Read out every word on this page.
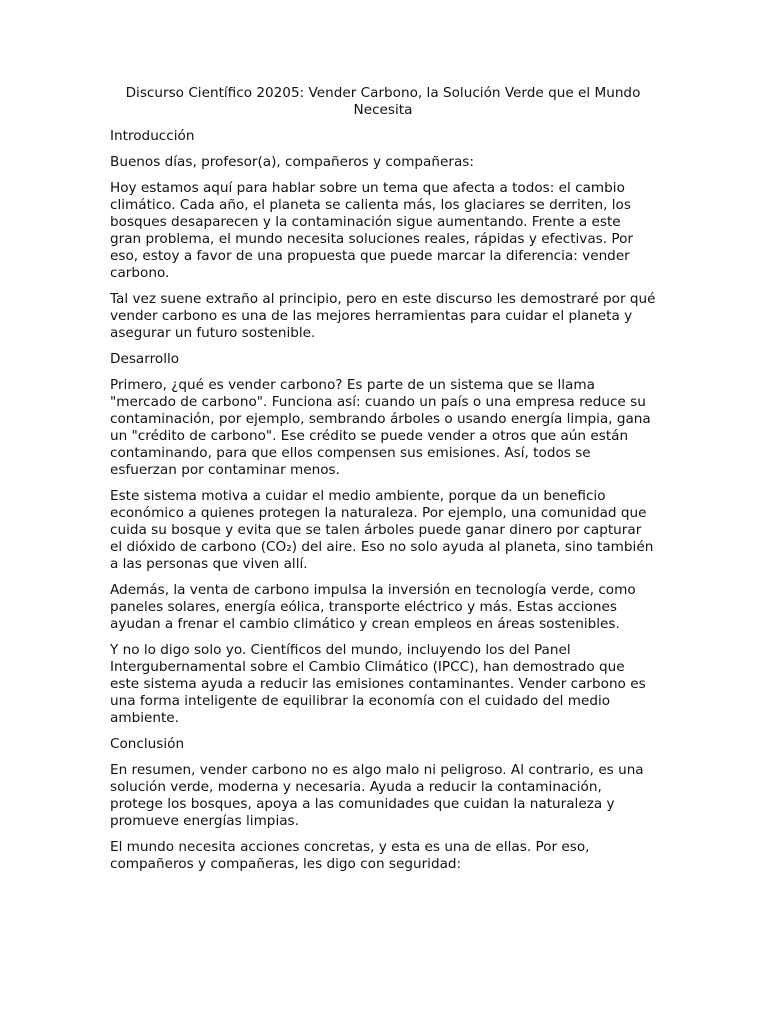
Discurso Científico 20205: Vender Carbono, la Solución Verde que el Mundo Necesita
Introducción
Buenos días, profesor(a), compañeros y compañeras:
Hoy estamos aquí para hablar sobre un tema que afecta a todos: el cambio climático. Cada año, el planeta se calienta más, los glaciares se derriten, los bosques desaparecen y la contaminación sigue aumentando. Frente a este gran problema, el mundo necesita soluciones reales, rápidas y efectivas. Por eso, estoy a favor de una propuesta que puede marcar la diferencia: vender carbono.
Tal vez suene extraño al principio, pero en este discurso les demostraré por qué vender carbono es una de las mejores herramientas para cuidar el planeta y asegurar un futuro sostenible.
Desarrollo
Primero, ¿qué es vender carbono? Es parte de un sistema que se llama "mercado de carbono". Funciona así: cuando un país o una empresa reduce su contaminación, por ejemplo, sembrando árboles o usando energía limpia, gana un "crédito de carbono". Ese crédito se puede vender a otros que aún están contaminando, para que ellos compensen sus emisiones. Así, todos se esfuerzan por contaminar menos.
Este sistema motiva a cuidar el medio ambiente, porque da un beneficio económico a quienes protegen la naturaleza. Por ejemplo, una comunidad que cuida su bosque y evita que se talen árboles puede ganar dinero por capturar el dióxido de carbono (CO₂) del aire. Eso no solo ayuda al planeta, sino también a las personas que viven allí.
Además, la venta de carbono impulsa la inversión en tecnología verde, como paneles solares, energía eólica, transporte eléctrico y más. Estas acciones ayudan a frenar el cambio climático y crean empleos en áreas sostenibles.
Y no lo digo solo yo. Científicos del mundo, incluyendo los del Panel Intergubernamental sobre el Cambio Climático (IPCC), han demostrado que este sistema ayuda a reducir las emisiones contaminantes. Vender carbono es una forma inteligente de equilibrar la economía con el cuidado del medio ambiente.
Conclusión
En resumen, vender carbono no es algo malo ni peligroso. Al contrario, es una solución verde, moderna y necesaria. Ayuda a reducir la contaminación, protege los bosques, apoya a las comunidades que cuidan la naturaleza y promueve energías limpias.
El mundo necesita acciones concretas, y esta es una de ellas. Por eso, compañeros y compañeras, les digo con seguridad:
